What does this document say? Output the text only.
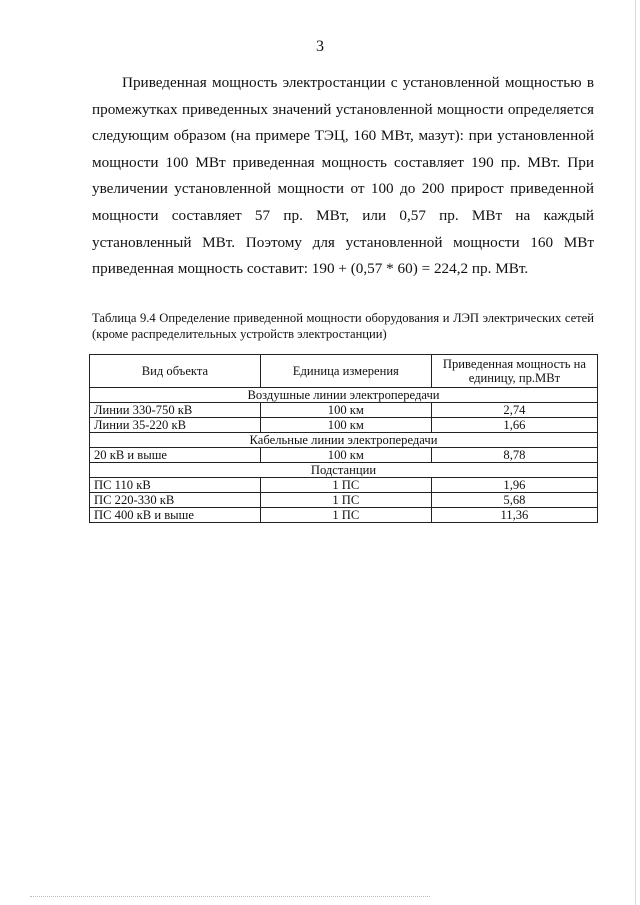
3

Приведенная мощность электростанции с установленной мощностью в промежутках приведенных значений установленной мощности определяется следующим образом (на примере ТЭЦ, 160 МВт, мазут): при установленной мощности 100 МВт приведенная мощность составляет 190 пр. МВт. При увеличении установленной мощности от 100 до 200 прирост приведенной мощности составляет 57 пр. МВт, или 0,57 пр. МВт на каждый установленный МВт. Поэтому для установленной мощности 160 МВт приведенная мощность составит: 190 + (0,57 * 60) = 224,2 пр. МВт.

Таблица 9.4 Определение приведенной мощности оборудования и ЛЭП электрических сетей (кроме распределительных устройств электростанции)

Вид объекта	Единица измерения	Приведенная мощность на единицу, пр.МВт
Воздушные линии электропередачи		
Линии 330-750 кВ	100 км	2,74
Линии 35-220 кВ	100 км	1,66
Кабельные линии электропередачи		
20 кВ и выше	100 км	8,78
Подстанции		
ПС 110 кВ	1 ПС	1,96
ПС 220-330 кВ	1 ПС	5,68
ПС 400 кВ и выше	1 ПС	11,36
